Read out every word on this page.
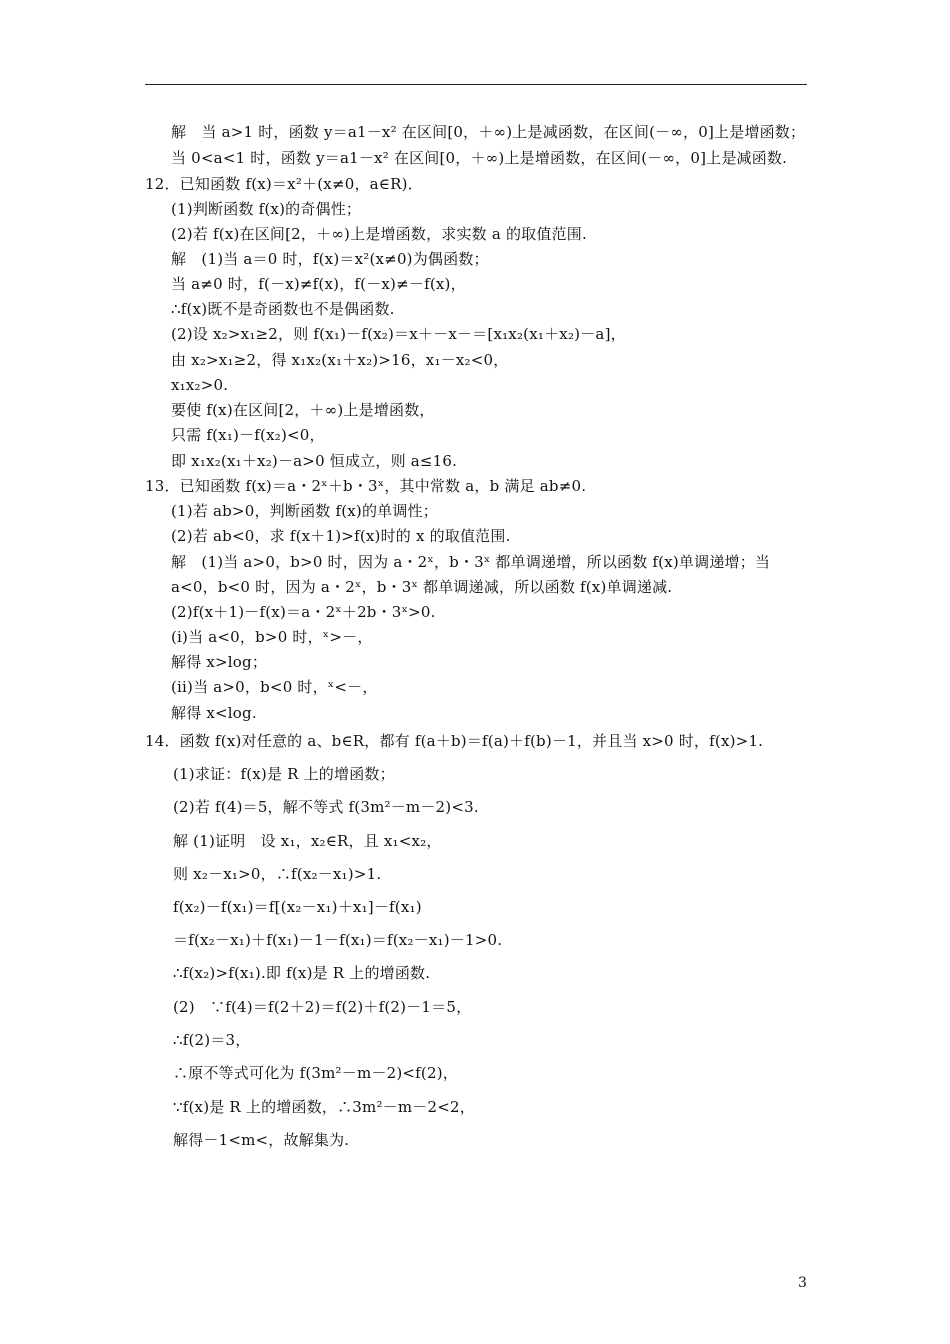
解　当 a>1 时，函数 y＝a1－x² 在区间[0，＋∞)上是减函数，在区间(－∞，0]上是增函数；
当 0<a<1 时，函数 y＝a1－x² 在区间[0，＋∞)上是增函数，在区间(－∞，0]上是减函数.
12．已知函数 f(x)＝x²＋(x≠0，a∈R)．
(1)判断函数 f(x)的奇偶性；
(2)若 f(x)在区间[2，＋∞)上是增函数，求实数 a 的取值范围.
解　(1)当 a＝0 时，f(x)＝x²(x≠0)为偶函数；
当 a≠0 时，f(－x)≠f(x)，f(－x)≠－f(x)，
∴f(x)既不是奇函数也不是偶函数.
(2)设 x₂>x₁≥2，则 f(x₁)－f(x₂)＝x＋－x－＝[x₁x₂(x₁＋x₂)－a]，
由 x₂>x₁≥2，得 x₁x₂(x₁＋x₂)>16，x₁－x₂<0，
x₁x₂>0.
要使 f(x)在区间[2，＋∞)上是增函数，
只需 f(x₁)－f(x₂)<0，
即 x₁x₂(x₁＋x₂)－a>0 恒成立，则 a≤16.
13．已知函数 f(x)＝a・2ˣ＋b・3ˣ，其中常数 a，b 满足 ab≠0.
(1)若 ab>0，判断函数 f(x)的单调性；
(2)若 ab<0，求 f(x＋1)>f(x)时的 x 的取值范围.
解　(1)当 a>0，b>0 时，因为 a・2ˣ，b・3ˣ 都单调递增，所以函数 f(x)单调递增；当
a<0，b<0 时，因为 a・2ˣ，b・3ˣ 都单调递减，所以函数 f(x)单调递减.
(2)f(x＋1)－f(x)＝a・2ˣ＋2b・3ˣ>0.
(i)当 a<0，b>0 时，ˣ>－，
解得 x>log；
(ii)当 a>0，b<0 时，ˣ<－，
解得 x<log.
14．函数 f(x)对任意的 a、b∈R，都有 f(a＋b)＝f(a)＋f(b)－1，并且当 x>0 时，f(x)>1.
(1)求证：f(x)是 R 上的增函数；
(2)若 f(4)＝5，解不等式 f(3m²－m－2)<3.
解 (1)证明　设 x₁，x₂∈R，且 x₁<x₂，
则 x₂－x₁>0，∴f(x₂－x₁)>1.
f(x₂)－f(x₁)＝f[(x₂－x₁)＋x₁]－f(x₁)
＝f(x₂－x₁)＋f(x₁)－1－f(x₁)＝f(x₂－x₁)－1>0.
∴f(x₂)>f(x₁).即 f(x)是 R 上的增函数.
(2)　∵f(4)＝f(2＋2)＝f(2)＋f(2)－1＝5，
∴f(2)＝3，
∴原不等式可化为 f(3m²－m－2)<f(2)，
∵f(x)是 R 上的增函数，∴3m²－m－2<2，
解得－1<m<，故解集为.
3
